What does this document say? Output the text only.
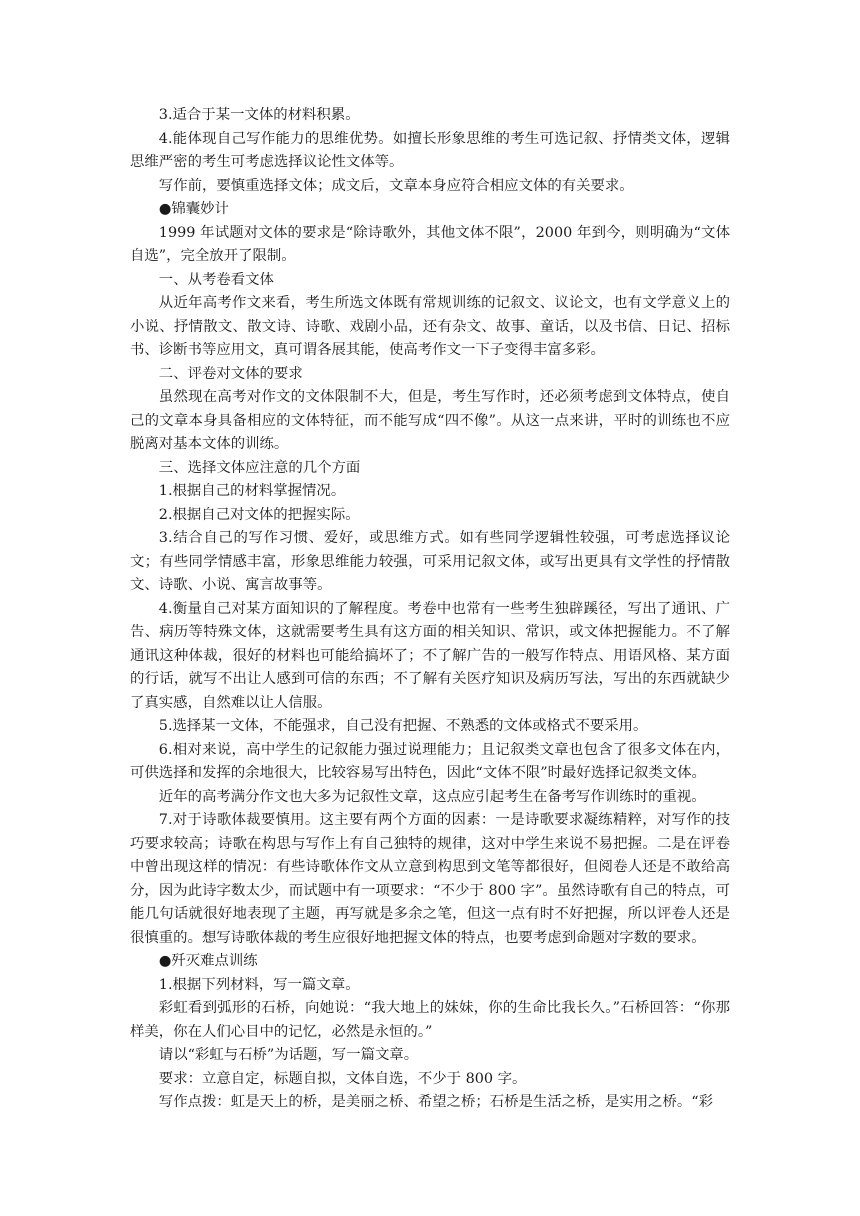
3.适合于某一文体的材料积累。

4.能体现自己写作能力的思维优势。如擅长形象思维的考生可选记叙、抒情类文体，逻辑思维严密的考生可考虑选择议论性文体等。

写作前，要慎重选择文体；成文后，文章本身应符合相应文体的有关要求。

●锦囊妙计

1999 年试题对文体的要求是“除诗歌外，其他文体不限”，2000 年到今，则明确为“文体自选”，完全放开了限制。

一、从考卷看文体

从近年高考作文来看，考生所选文体既有常规训练的记叙文、议论文，也有文学意义上的小说、抒情散文、散文诗、诗歌、戏剧小品，还有杂文、故事、童话，以及书信、日记、招标书、诊断书等应用文，真可谓各展其能，使高考作文一下子变得丰富多彩。

二、评卷对文体的要求

虽然现在高考对作文的文体限制不大，但是，考生写作时，还必须考虑到文体特点，使自己的文章本身具备相应的文体特征，而不能写成“四不像”。从这一点来讲，平时的训练也不应脱离对基本文体的训练。

三、选择文体应注意的几个方面

1.根据自己的材料掌握情况。

2.根据自己对文体的把握实际。

3.结合自己的写作习惯、爱好，或思维方式。如有些同学逻辑性较强，可考虑选择议论文；有些同学情感丰富，形象思维能力较强，可采用记叙文体，或写出更具有文学性的抒情散文、诗歌、小说、寓言故事等。

4.衡量自己对某方面知识的了解程度。考卷中也常有一些考生独辟蹊径，写出了通讯、广告、病历等特殊文体，这就需要考生具有这方面的相关知识、常识，或文体把握能力。不了解通讯这种体裁，很好的材料也可能给搞坏了；不了解广告的一般写作特点、用语风格、某方面的行话，就写不出让人感到可信的东西；不了解有关医疗知识及病历写法，写出的东西就缺少了真实感，自然难以让人信服。

5.选择某一文体，不能强求，自己没有把握、不熟悉的文体或格式不要采用。

6.相对来说，高中学生的记叙能力强过说理能力；且记叙类文章也包含了很多文体在内，可供选择和发挥的余地很大，比较容易写出特色，因此“文体不限”时最好选择记叙类文体。

近年的高考满分作文也大多为记叙性文章，这点应引起考生在备考写作训练时的重视。

7.对于诗歌体裁要慎用。这主要有两个方面的因素：一是诗歌要求凝练精粹，对写作的技巧要求较高；诗歌在构思与写作上有自己独特的规律，这对中学生来说不易把握。二是在评卷中曾出现这样的情况：有些诗歌体作文从立意到构思到文笔等都很好，但阅卷人还是不敢给高分，因为此诗字数太少，而试题中有一项要求：“不少于 800 字”。虽然诗歌有自己的特点，可能几句话就很好地表现了主题，再写就是多余之笔，但这一点有时不好把握，所以评卷人还是很慎重的。想写诗歌体裁的考生应很好地把握文体的特点，也要考虑到命题对字数的要求。

●歼灭难点训练

1.根据下列材料，写一篇文章。

彩虹看到弧形的石桥，向她说：“我大地上的妹妹，你的生命比我长久。”石桥回答：“你那样美，你在人们心目中的记忆，必然是永恒的。”

请以“彩虹与石桥”为话题，写一篇文章。

要求：立意自定，标题自拟，文体自选，不少于 800 字。

写作点拨：虹是天上的桥，是美丽之桥、希望之桥；石桥是生活之桥，是实用之桥。“彩
